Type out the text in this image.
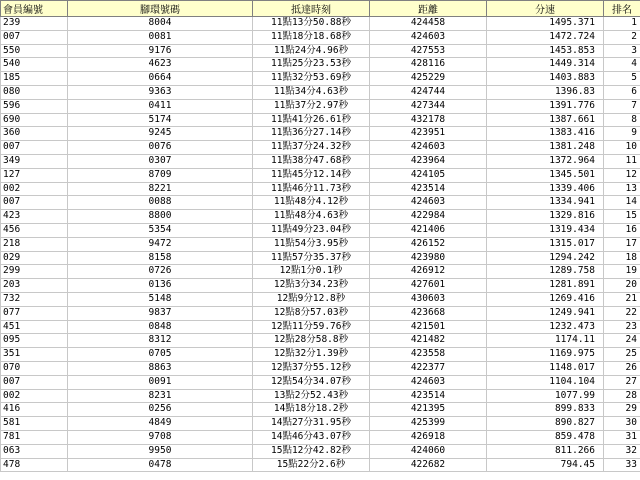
會員編號	腳環號碼	抵達時刻	距離	分速	排名
239	8004	11點13分50.88秒	424458	1495.371	1
007	0081	11點18分18.68秒	424603	1472.724	2
550	9176	11點24分4.96秒	427553	1453.853	3
540	4623	11點25分23.53秒	428116	1449.314	4
185	0664	11點32分53.69秒	425229	1403.883	5
080	9363	11點34分4.63秒	424744	1396.83	6
596	0411	11點37分2.97秒	427344	1391.776	7
690	5174	11點41分26.61秒	432178	1387.661	8
360	9245	11點36分27.14秒	423951	1383.416	9
007	0076	11點37分24.32秒	424603	1381.248	10
349	0307	11點38分47.68秒	423964	1372.964	11
127	8709	11點45分12.14秒	424105	1345.501	12
002	8221	11點46分11.73秒	423514	1339.406	13
007	0088	11點48分4.12秒	424603	1334.941	14
423	8800	11點48分4.63秒	422984	1329.816	15
456	5354	11點49分23.04秒	421406	1319.434	16
218	9472	11點54分3.95秒	426152	1315.017	17
029	8158	11點57分35.37秒	423980	1294.242	18
299	0726	12點1分0.1秒	426912	1289.758	19
203	0136	12點3分34.23秒	427601	1281.891	20
732	5148	12點9分12.8秒	430603	1269.416	21
077	9837	12點8分57.03秒	423668	1249.941	22
451	0848	12點11分59.76秒	421501	1232.473	23
095	8312	12點28分58.8秒	421482	1174.11	24
351	0705	12點32分1.39秒	423558	1169.975	25
070	8863	12點37分55.12秒	422377	1148.017	26
007	0091	12點54分34.07秒	424603	1104.104	27
002	8231	13點2分52.43秒	423514	1077.99	28
416	0256	14點18分18.2秒	421395	899.833	29
581	4849	14點27分31.95秒	425399	890.827	30
781	9708	14點46分43.07秒	426918	859.478	31
063	9950	15點12分42.82秒	424060	811.266	32
478	0478	15點22分2.6秒	422682	794.45	33
